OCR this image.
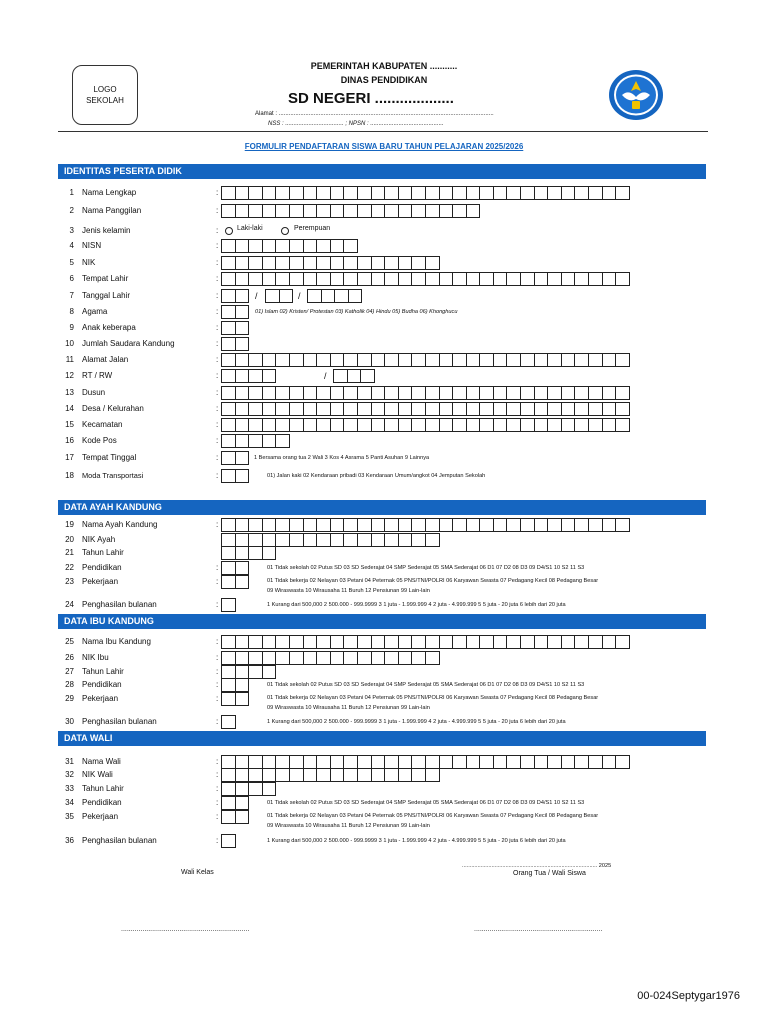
LOGO
SEKOLAH
PEMERINTAH KABUPATEN ...........
DINAS PENDIDIKAN
SD NEGERI ...................
Alamat : .................................................................................................................................
NSS : ................................... ; NPSN : ............................................
FORMULIR PENDAFTARAN SISWA BARU TAHUN PELAJARAN 2025/2026
IDENTITAS PESERTA DIDIK
DATA AYAH KANDUNG
DATA IBU KANDUNG
DATA WALI
1 Nama Lengkap	:
2 Nama Panggilan	:
3 Jenis kelamin	:	Laki-laki	Perempuan
4 NISN	:
5 NIK	:
6 Tempat Lahir	:
7 Tanggal Lahir	:	/	/
8 Agama	:	01) Islam 02) Kristen/ Protestan 03) Katholik 04) Hindu 05) Budha 06) Khonghucu
9 Anak keberapa	:
10 Jumlah Saudara Kandung	:
11 Alamat Jalan	:
12 RT / RW	:	/
13 Dusun	:
14 Desa / Kelurahan	:
15 Kecamatan	:
16 Kode Pos	:
17 Tempat Tinggal	:	1 Bersama orang tua 2 Wali 3 Kos 4 Asrama 5 Panti Asuhan 9 Lainnya
18 Moda Transportasi	:	01) Jalan kaki 02 Kendaraan pribadi 03 Kendaraan Umum/angkot 04 Jemputan Sekolah
19 Nama Ayah Kandung	:
20 NIK Ayah
21 Tahun Lahir
22 Pendidikan	:	01 Tidak sekolah 02 Putus SD 03 SD Sederajat 04 SMP Sederajat 05 SMA Sederajat 06 D1 07 D2 08 D3 09 D4/S1 10 S2 11 S3
23 Pekerjaan	:	01 Tidak bekerja 02 Nelayan 03 Petani 04 Peternak 05 PNS/TNI/POLRI 06 Karyawan Swasta 07 Pedagang Kecil 08 Pedagang Besar
09 Wiraswasta 10 Wirausaha 11 Buruh 12 Pensiunan 99 Lain-lain
24 Penghasilan bulanan	:	1 Kurang dari 500,000 2 500.000 - 999.9999 3 1 juta - 1.999.999 4 2 juta - 4.999.999 5 5 juta - 20 juta 6 lebih dari 20 juta
25 Nama Ibu Kandung	:
26 NIK Ibu	:
27 Tahun Lahir	:
28 Pendidikan	:	01 Tidak sekolah 02 Putus SD 03 SD Sederajat 04 SMP Sederajat 05 SMA Sederajat 06 D1 07 D2 08 D3 09 D4/S1 10 S2 11 S3
29 Pekerjaan	:	01 Tidak bekerja 02 Nelayan 03 Petani 04 Peternak 05 PNS/TNI/POLRI 06 Karyawan Swasta 07 Pedagang Kecil 08 Pedagang Besar
09 Wiraswasta 10 Wirausaha 11 Buruh 12 Pensiunan 99 Lain-lain
30 Penghasilan bulanan	:	1 Kurang dari 500,000 2 500.000 - 999.9999 3 1 juta - 1.999.999 4 2 juta - 4.999.999 5 5 juta - 20 juta 6 lebih dari 20 juta
31 Nama Wali	:
32 NIK Wali	:
33 Tahun Lahir	:
34 Pendidikan	:	01 Tidak sekolah 02 Putus SD 03 SD Sederajat 04 SMP Sederajat 05 SMA Sederajat 06 D1 07 D2 08 D3 09 D4/S1 10 S2 11 S3
35 Pekerjaan	:	01 Tidak bekerja 02 Nelayan 03 Petani 04 Peternak 05 PNS/TNI/POLRI 06 Karyawan Swasta 07 Pedagang Kecil 08 Pedagang Besar
09 Wiraswasta 10 Wirausaha 11 Buruh 12 Pensiunan 99 Lain-lain
36 Penghasilan bulanan	:	1 Kurang dari 500,000 2 500.000 - 999.9999 3 1 juta - 1.999.999 4 2 juta - 4.999.999 5 5 juta - 20 juta 6 lebih dari 20 juta
....................................................................................... 2025
Wali Kelas	Orang Tua / Wali Siswa
..................................................................	..................................................................
00-024Septygar1976
